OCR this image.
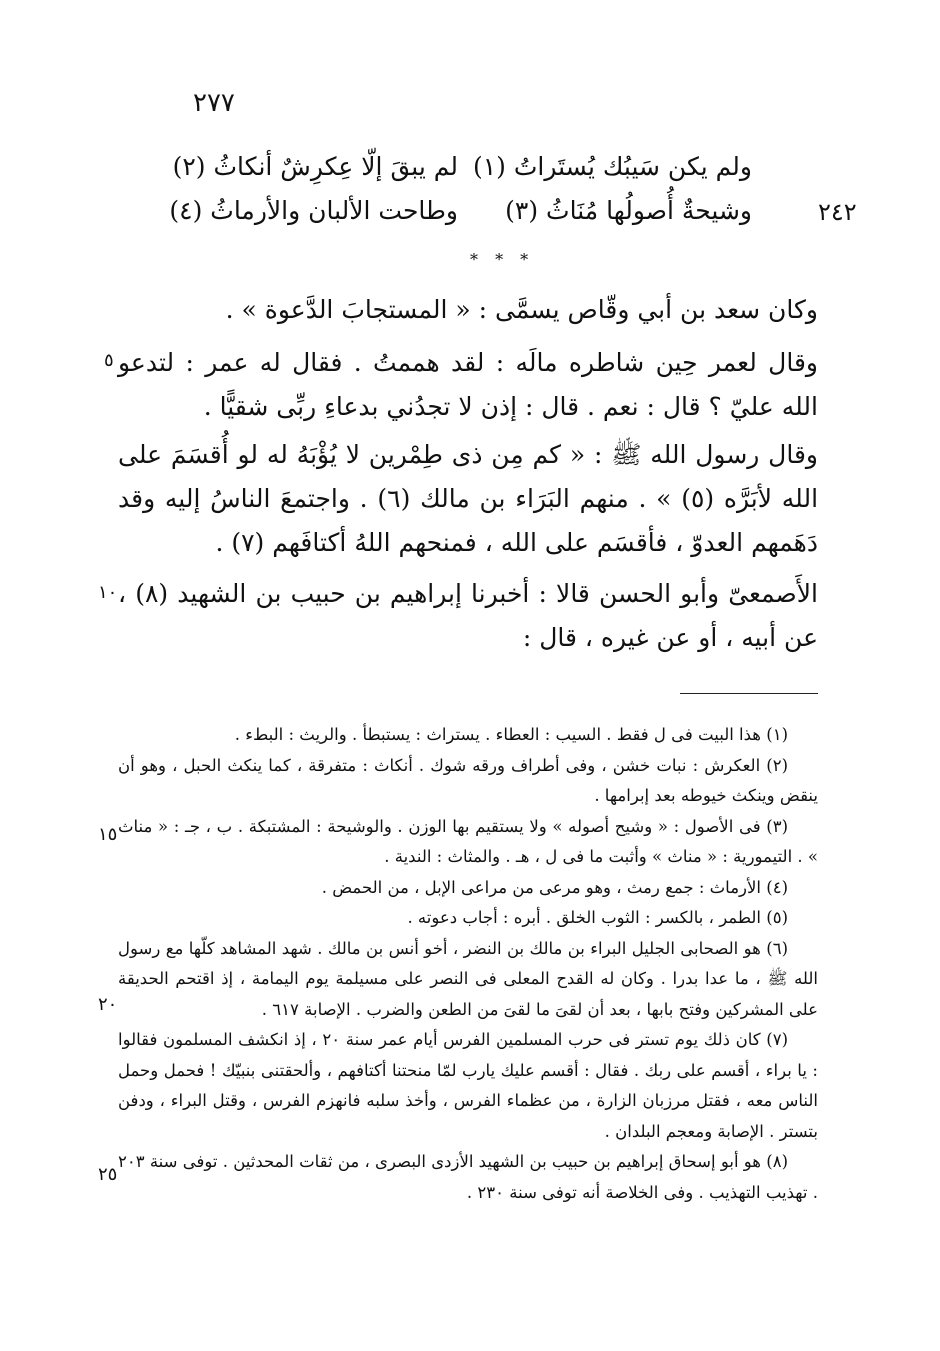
٢٧٧
٢٤٢
ولم يكن سَيبُك يُستَراتُ (١)
لم يبقَ إلّا عِكرِشٌ أنكاثُ (٢)
وشيحةٌ أُصولُها مُنَاثُ (٣)
وطاحت الألبان والأرماثُ (٤)
* * *
وكان سعد بن أبي وقّاص يسمَّى : « المستجابَ الدَّعوة » .
وقال لعمر حِين شاطره مالَه : لقد هممتُ . فقال له عمر : لتدعو الله عليّ ؟ قال : نعم . قال : إذن لا تجدُني بدعاءِ ربِّى شقيًّا .
وقال رسول الله ﷺ : « كم مِن ذى طِمْرين لا يُؤْبَهُ له لو أُقسَمَ على الله لأبَرَّه (٥) » . منهم البَرَاء بن مالك (٦) . واجتمعَ الناسُ إليه وقد دَهَمهم العدوّ ، فأقسَم على الله ، فمنحهم اللهُ أكتافَهم (٧) .
الأَصمعىّ وأبو الحسن قالا : أخبرنا إبراهيم بن حبيب بن الشهيد (٨) ، عن أبيه ، أو عن غيره ، قال :
٥
١٠
١٥
٢٠
٢٥
(١) هذا البيت فى ل فقط . السيب : العطاء . يستراث : يستبطأ . والريث : البطء .
(٢) العكرش : نبات خشن ، وفى أطراف ورقه شوك . أنكاث : متفرقة ، كما ينكث الحبل ، وهو أن ينقض وينكث خيوطه بعد إبرامها .
(٣) فى الأصول : « وشيح أصوله » ولا يستقيم بها الوزن . والوشيحة : المشتبكة . ب ، جـ : « مناث » . التيمورية : « مناث » وأثبت ما فى ل ، هـ . والمثاث : الندية .
(٤) الأرماث : جمع رمث ، وهو مرعى من مراعى الإبل ، من الحمض .
(٥) الطمر ، بالكسر : الثوب الخلق . أبره : أجاب دعوته .
(٦) هو الصحابى الجليل البراء بن مالك بن النضر ، أخو أنس بن مالك . شهد المشاهد كلّها مع رسول الله ﷺ ، ما عدا بدرا . وكان له القدح المعلى فى النصر على مسيلمة يوم اليمامة ، إذ اقتحم الحديقة على المشركين وفتح بابها ، بعد أن لقىَ ما لقىَ من الطعن والضرب . الإصابة ٦١٧ .
(٧) كان ذلك يوم تستر فى حرب المسلمين الفرس أيام عمر سنة ٢٠ ، إذ انكشف المسلمون فقالوا : يا براء ، أقسم على ربك . فقال : أقسم عليك يارب لمّا منحتنا أكتافهم ، وألحقتنى بنبيّك ! فحمل وحمل الناس معه ، فقتل مرزبان الزارة ، من عظماء الفرس ، وأخذ سلبه فانهزم الفرس ، وقتل البراء ، ودفن بتستر . الإصابة ومعجم البلدان .
(٨) هو أبو إسحاق إبراهيم بن حبيب بن الشهيد الأزدى البصرى ، من ثقات المحدثين . توفى سنة ٢٠٣ . تهذيب التهذيب . وفى الخلاصة أنه توفى سنة ٢٣٠ .
